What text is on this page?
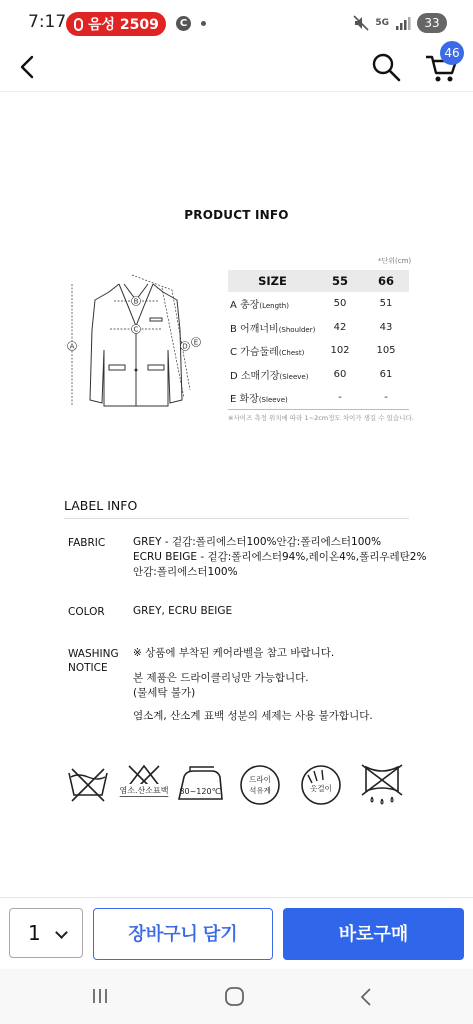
7:17 음성 2509	C	5G	33
46
PRODUCT INFO
*단위(cm)
A
B
C
D E
SIZE	55	66
A 총장(Length)	50	51
B 어깨너비(Shoulder)	42	43
C 가슴둘레(Chest)	102	105
D 소매기장(Sleeve)	60	61
E 화장(Sleeve)	-	-
※사이즈 측정 위치에 따라 1~2cm정도 차이가 생길 수 있습니다.
LABEL INFO
FABRIC	GREY - 겉감:폴리에스터100%안감:폴리에스터100%
ECRU BEIGE - 겉감:폴리에스터94%,레이온4%,폴리우레탄2%
안감:폴리에스터100%
COLOR	GREY, ECRU BEIGE
WASHING
NOTICE
※ 상품에 부착된 케어라벨을 참고 바랍니다.
본 제품은 드라이클리닝만 가능합니다.
(물세탁 불가)
염소계, 산소계 표백 성분의 세제는 사용 불가합니다.
염소.산소표백 80~120℃
드라이
석유계	옷걸이
1	장바구니 담기	바로구매
